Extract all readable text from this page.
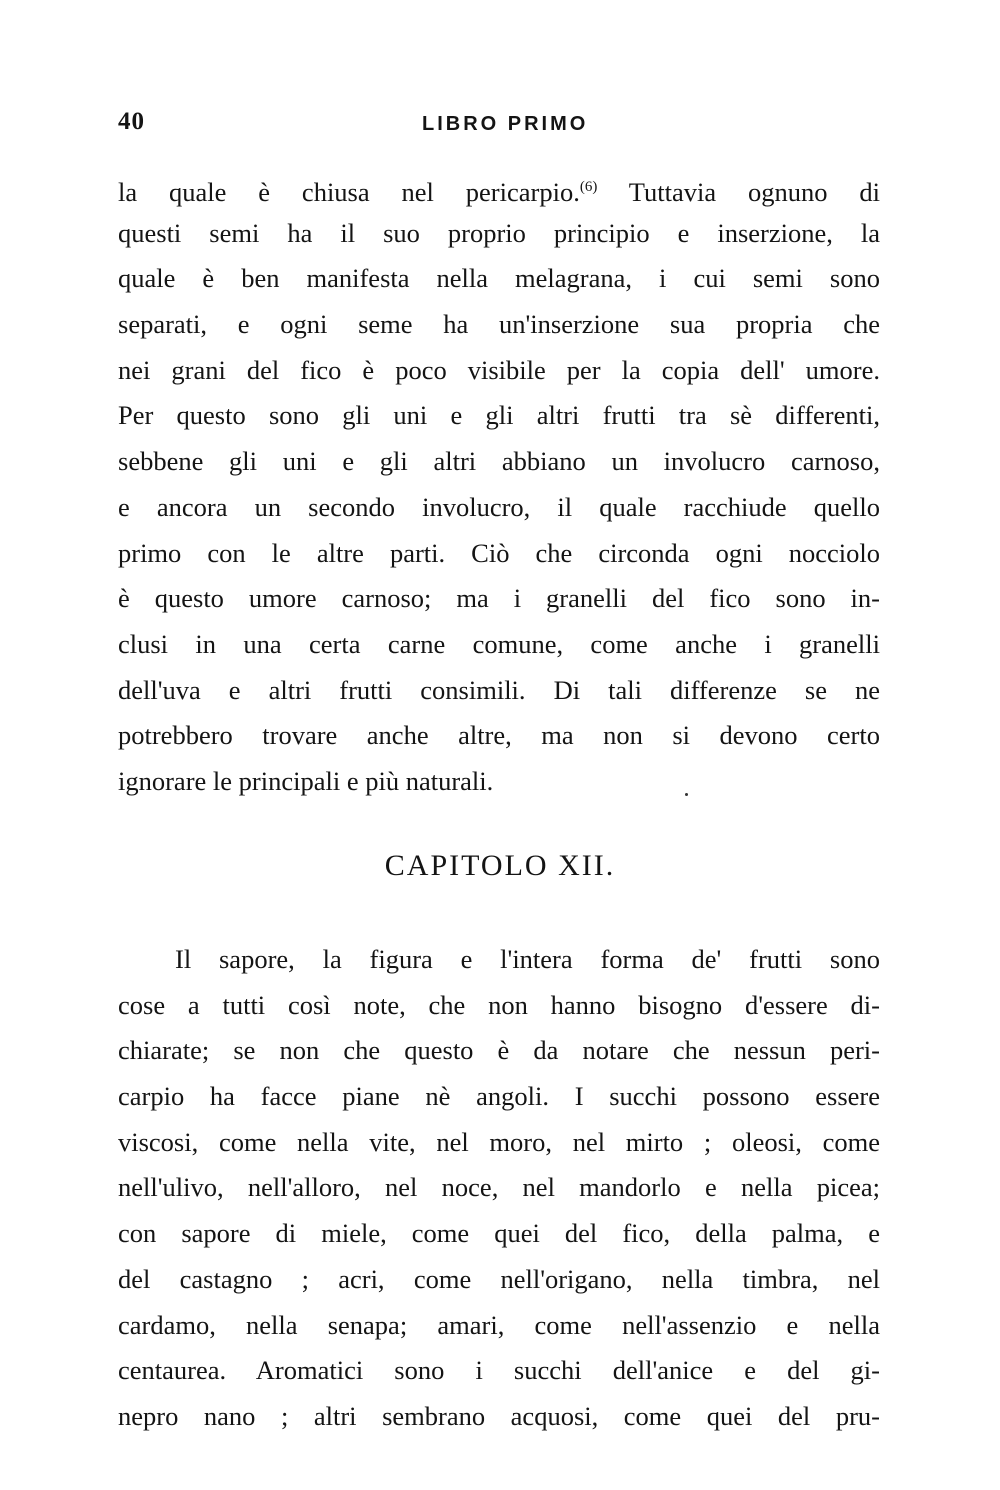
40	LIBRO PRIMO
la quale è chiusa nel pericarpio.$^{(6)}$ Tuttavia ognuno di
questi semi ha il suo proprio principio e inserzione, la
quale è ben manifesta nella melagrana, i cui semi sono
separati, e ogni seme ha un'inserzione sua propria che
nei grani del fico è poco visibile per la copia dell' umore.
Per questo sono gli uni e gli altri frutti tra sè differenti,
sebbene gli uni e gli altri abbiano un involucro carnoso,
e ancora un secondo involucro, il quale racchiude quello
primo con le altre parti. Ciò che circonda ogni nocciolo
è questo umore carnoso; ma i granelli del fico sono in-
clusi in una certa carne comune, come anche i granelli
dell'uva e altri frutti consimili. Di tali differenze se ne
potrebbero trovare anche altre, ma non si devono certo
ignorare le principali e più naturali.
CAPITOLO XII.
Il sapore, la figura e l'intera forma de' frutti sono
cose a tutti così note, che non hanno bisogno d'essere di-
chiarate; se non che questo è da notare che nessun peri-
carpio ha facce piane nè angoli. I succhi possono essere
viscosi, come nella vite, nel moro, nel mirto ; oleosi, come
nell'ulivo, nell'alloro, nel noce, nel mandorlo e nella picea;
con sapore di miele, come quei del fico, della palma, e
del castagno ; acri, come nell'origano, nella timbra, nel
cardamo, nella senapa; amari, come nell'assenzio e nella
centaurea. Aromatici sono i succhi dell'anice e del gi-
nepro nano ; altri sembrano acquosi, come quei del pru-
